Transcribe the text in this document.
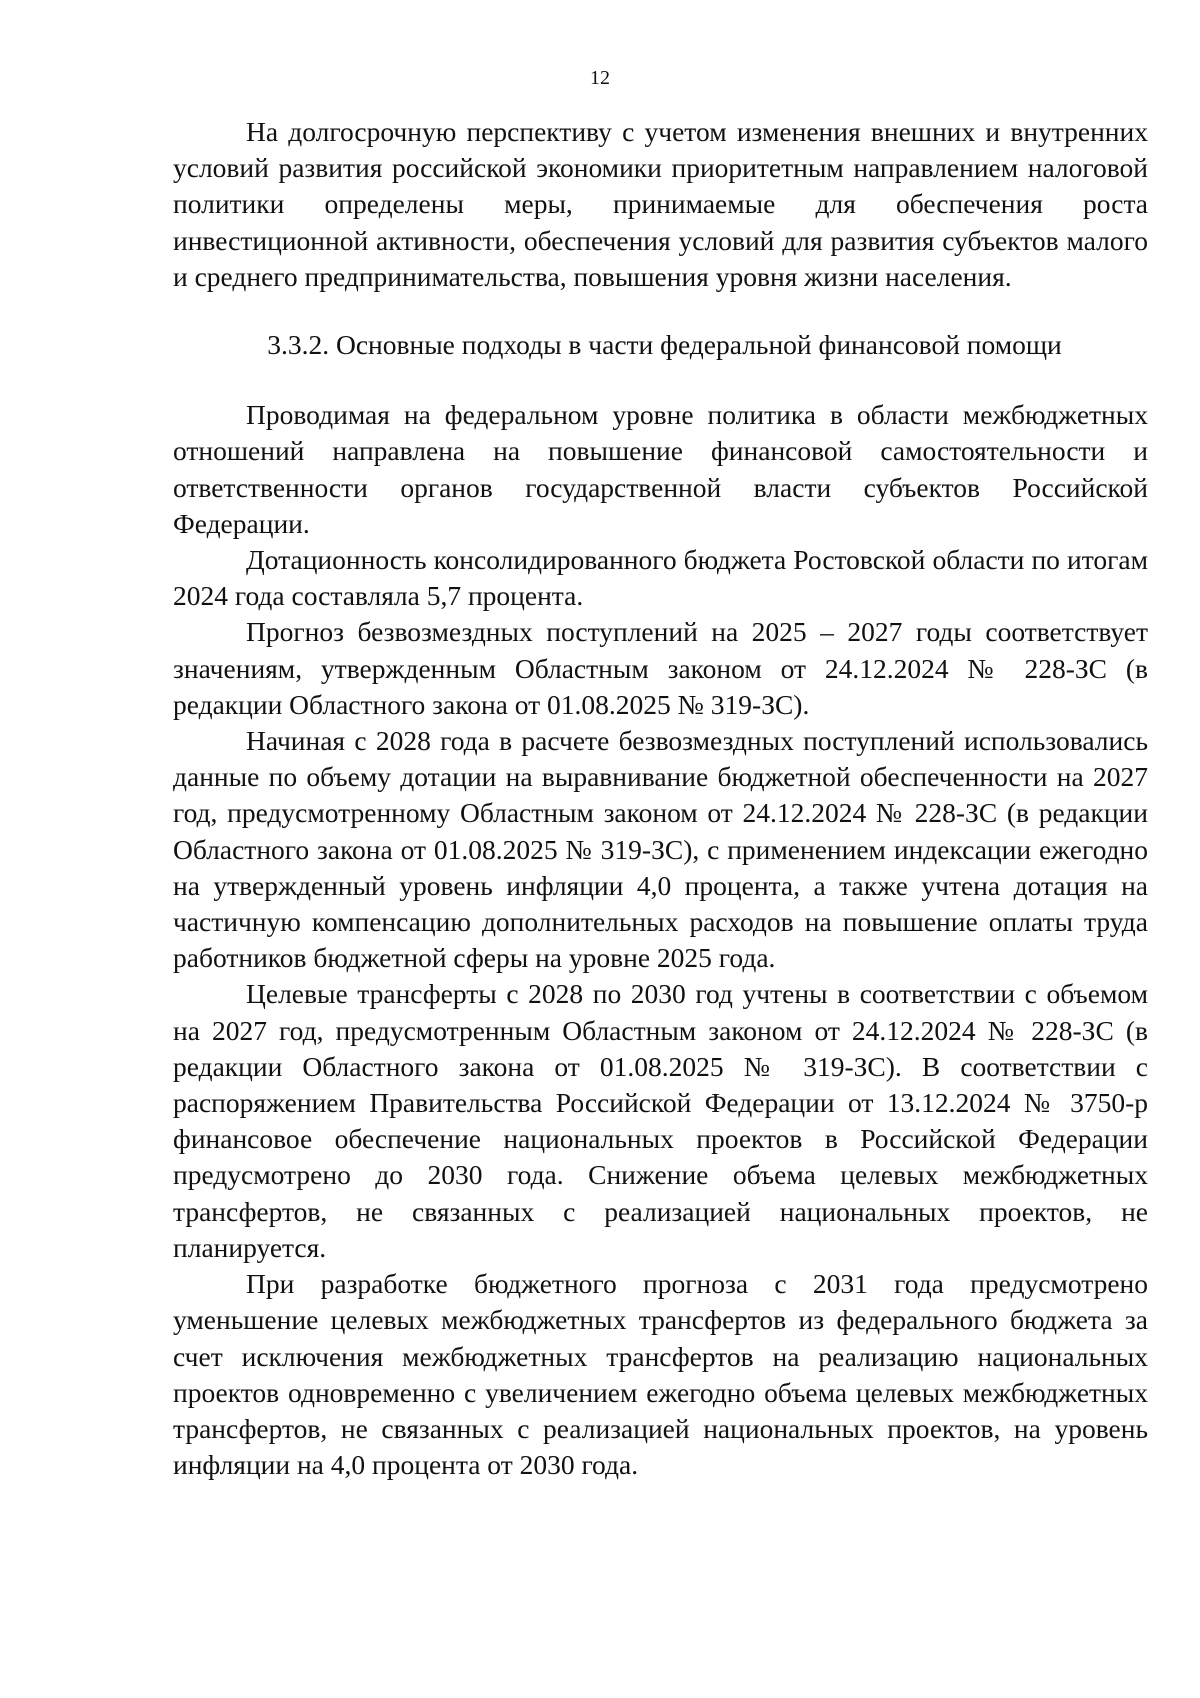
12

На долгосрочную перспективу с учетом изменения внешних и внутренних условий развития российской экономики приоритетным направлением налоговой политики определены меры, принимаемые для обеспечения роста инвестиционной активности, обеспечения условий для развития субъектов малого и среднего предпринимательства, повышения уровня жизни населения.

3.3.2. Основные подходы в части федеральной финансовой помощи

Проводимая на федеральном уровне политика в области межбюджетных отношений направлена на повышение финансовой самостоятельности и ответственности органов государственной власти субъектов Российской Федерации.

Дотационность консолидированного бюджета Ростовской области по итогам 2024 года составляла 5,7 процента.

Прогноз безвозмездных поступлений на 2025 – 2027 годы соответствует значениям, утвержденным Областным законом от 24.12.2024 № 228-ЗС (в редакции Областного закона от 01.08.2025 № 319-ЗС).

Начиная с 2028 года в расчете безвозмездных поступлений использовались данные по объему дотации на выравнивание бюджетной обеспеченности на 2027 год, предусмотренному Областным законом от 24.12.2024 № 228-ЗС (в редакции Областного закона от 01.08.2025 № 319-ЗС), с применением индексации ежегодно на утвержденный уровень инфляции 4,0 процента, а также учтена дотация на частичную компенсацию дополнительных расходов на повышение оплаты труда работников бюджетной сферы на уровне 2025 года.

Целевые трансферты с 2028 по 2030 год учтены в соответствии с объемом на 2027 год, предусмотренным Областным законом от 24.12.2024 № 228-ЗС (в редакции Областного закона от 01.08.2025 № 319-ЗС). В соответствии с распоряжением Правительства Российской Федерации от 13.12.2024 № 3750-р финансовое обеспечение национальных проектов в Российской Федерации предусмотрено до 2030 года. Снижение объема целевых межбюджетных трансфертов, не связанных с реализацией национальных проектов, не планируется.

При разработке бюджетного прогноза с 2031 года предусмотрено уменьшение целевых межбюджетных трансфертов из федерального бюджета за счет исключения межбюджетных трансфертов на реализацию национальных проектов одновременно с увеличением ежегодно объема целевых межбюджетных трансфертов, не связанных с реализацией национальных проектов, на уровень инфляции на 4,0 процента от 2030 года.
